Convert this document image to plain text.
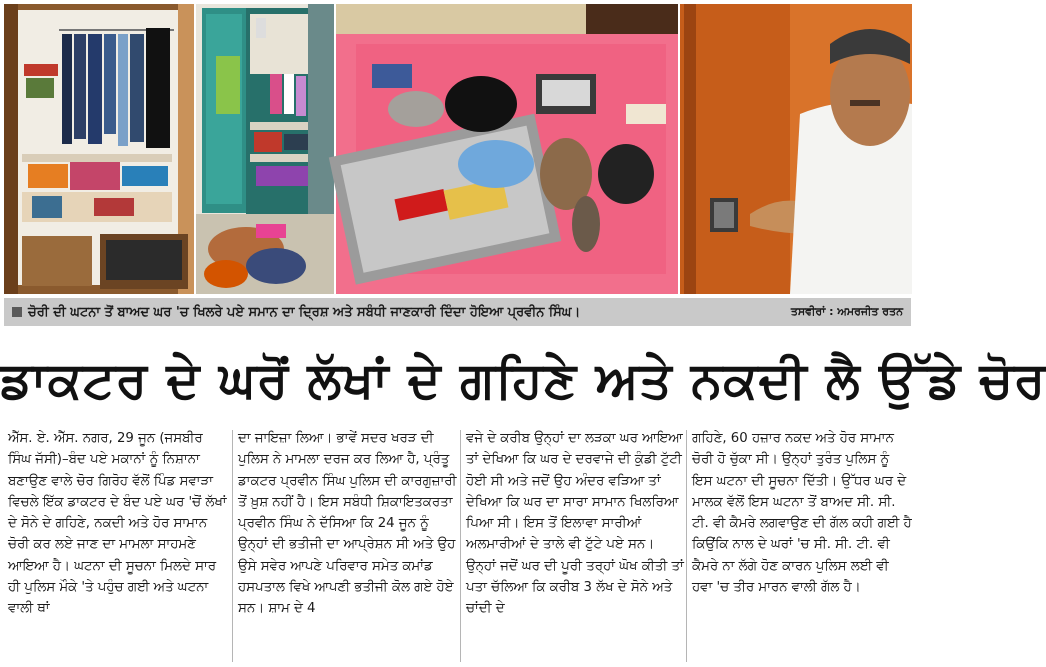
ਚੋਰੀ ਦੀ ਘਟਨਾ ਤੋਂ ਬਾਅਦ ਘਰ 'ਚ ਖਿਲਰੇ ਪਏ ਸਮਾਨ ਦਾ ਦ੍ਰਿਸ਼ ਅਤੇ ਸਬੰਧੀ ਜਾਣਕਾਰੀ ਦਿੰਦਾ ਹੋਇਆ ਪ੍ਰਵੀਨ ਸਿੰਘ।	ਤਸਵੀਰਾਂ : ਅਮਰਜੀਤ ਰਤਨ
ਡਾਕਟਰ ਦੇ ਘਰੋਂ ਲੱਖਾਂ ਦੇ ਗਹਿਣੇ ਅਤੇ ਨਕਦੀ ਲੈ ਉੱਡੇ ਚੋਰ

ਐੱਸ. ਏ. ਐੱਸ. ਨਗਰ, 29 ਜੂਨ (ਜਸਬੀਰ ਸਿੰਘ ਜੱਸੀ)–ਬੰਦ ਪਏ ਮਕਾਨਾਂ ਨੂੰ ਨਿਸ਼ਾਨਾ ਬਣਾਉਣ ਵਾਲੇ ਚੋਰ ਗਿਰੋਹ ਵੱਲੋਂ ਪਿੰਡ ਸਵਾੜਾ ਵਿਚਲੇ ਇੱਕ ਡਾਕਟਰ ਦੇ ਬੰਦ ਪਏ ਘਰ 'ਚੋਂ ਲੱਖਾਂ ਦੇ ਸੋਨੇ ਦੇ ਗਹਿਣੇ, ਨਕਦੀ ਅਤੇ ਹੋਰ ਸਾਮਾਨ ਚੋਰੀ ਕਰ ਲਏ ਜਾਣ ਦਾ ਮਾਮਲਾ ਸਾਹਮਣੇ ਆਇਆ ਹੈ। ਘਟਨਾ ਦੀ ਸੂਚਨਾ ਮਿਲਦੇ ਸਾਰ ਹੀ ਪੁਲਿਸ ਮੌਕੇ 'ਤੇ ਪਹੁੰਚ ਗਈ ਅਤੇ ਘਟਨਾ ਵਾਲੀ ਥਾਂ

ਦਾ ਜਾਇਜ਼ਾ ਲਿਆ। ਭਾਵੇਂ ਸਦਰ ਖਰੜ ਦੀ ਪੁਲਿਸ ਨੇ ਮਾਮਲਾ ਦਰਜ ਕਰ ਲਿਆ ਹੈ, ਪ੍ਰੰਤੂ ਡਾਕਟਰ ਪ੍ਰਵੀਨ ਸਿੰਘ ਪੁਲਿਸ ਦੀ ਕਾਰਗੁਜ਼ਾਰੀ ਤੋਂ ਖ਼ੁਸ਼ ਨਹੀਂ ਹੈ। ਇਸ ਸਬੰਧੀ ਸ਼ਿਕਾਇਤਕਰਤਾ ਪ੍ਰਵੀਨ ਸਿੰਘ ਨੇ ਦੱਸਿਆ ਕਿ 24 ਜੂਨ ਨੂੰ ਉਨ੍ਹਾਂ ਦੀ ਭਤੀਜੀ ਦਾ ਆਪ੍ਰੇਸ਼ਨ ਸੀ ਅਤੇ ਉਹ ਉਸੇ ਸਵੇਰ ਆਪਣੇ ਪਰਿਵਾਰ ਸਮੇਤ ਕਮਾਂਡ ਹਸਪਤਾਲ ਵਿਖੇ ਆਪਣੀ ਭਤੀਜੀ ਕੋਲ ਗਏ ਹੋਏ ਸਨ। ਸ਼ਾਮ ਦੇ 4

ਵਜੇ ਦੇ ਕਰੀਬ ਉਨ੍ਹਾਂ ਦਾ ਲੜਕਾ ਘਰ ਆਇਆ ਤਾਂ ਦੇਖਿਆ ਕਿ ਘਰ ਦੇ ਦਰਵਾਜੇ ਦੀ ਕੁੰਡੀ ਟੁੱਟੀ ਹੋਈ ਸੀ ਅਤੇ ਜਦੋਂ ਉਹ ਅੰਦਰ ਵੜਿਆ ਤਾਂ ਦੇਖਿਆ ਕਿ ਘਰ ਦਾ ਸਾਰਾ ਸਾਮਾਨ ਖਿਲਰਿਆ ਪਿਆ ਸੀ। ਇਸ ਤੋਂ ਇਲਾਵਾ ਸਾਰੀਆਂ ਅਲਮਾਰੀਆਂ ਦੇ ਤਾਲੇ ਵੀ ਟੁੱਟੇ ਪਏ ਸਨ। ਉਨ੍ਹਾਂ ਜਦੋਂ ਘਰ ਦੀ ਪੂਰੀ ਤਰ੍ਹਾਂ ਘੋਖ ਕੀਤੀ ਤਾਂ ਪਤਾ ਚੱਲਿਆ ਕਿ ਕਰੀਬ 3 ਲੱਖ ਦੇ ਸੋਨੇ ਅਤੇ ਚਾਂਦੀ ਦੇ

ਗਹਿਣੇ, 60 ਹਜ਼ਾਰ ਨਕਦ ਅਤੇ ਹੋਰ ਸਾਮਾਨ ਚੋਰੀ ਹੋ ਚੁੱਕਾ ਸੀ। ਉਨ੍ਹਾਂ ਤੁਰੰਤ ਪੁਲਿਸ ਨੂੰ ਇਸ ਘਟਨਾ ਦੀ ਸੂਚਨਾ ਦਿੱਤੀ। ਉੱਧਰ ਘਰ ਦੇ ਮਾਲਕ ਵੱਲੋਂ ਇਸ ਘਟਨਾ ਤੋਂ ਬਾਅਦ ਸੀ. ਸੀ. ਟੀ. ਵੀ ਕੈਮਰੇ ਲਗਵਾਉਣ ਦੀ ਗੱਲ ਕਹੀ ਗਈ ਹੈ ਕਿਉਂਕਿ ਨਾਲ ਦੇ ਘਰਾਂ 'ਚ ਸੀ. ਸੀ. ਟੀ. ਵੀ ਕੈਮਰੇ ਨਾ ਲੱਗੇ ਹੋਣ ਕਾਰਨ ਪੁਲਿਸ ਲਈ ਵੀ ਹਵਾ 'ਚ ਤੀਰ ਮਾਰਨ ਵਾਲੀ ਗੱਲ ਹੈ।
